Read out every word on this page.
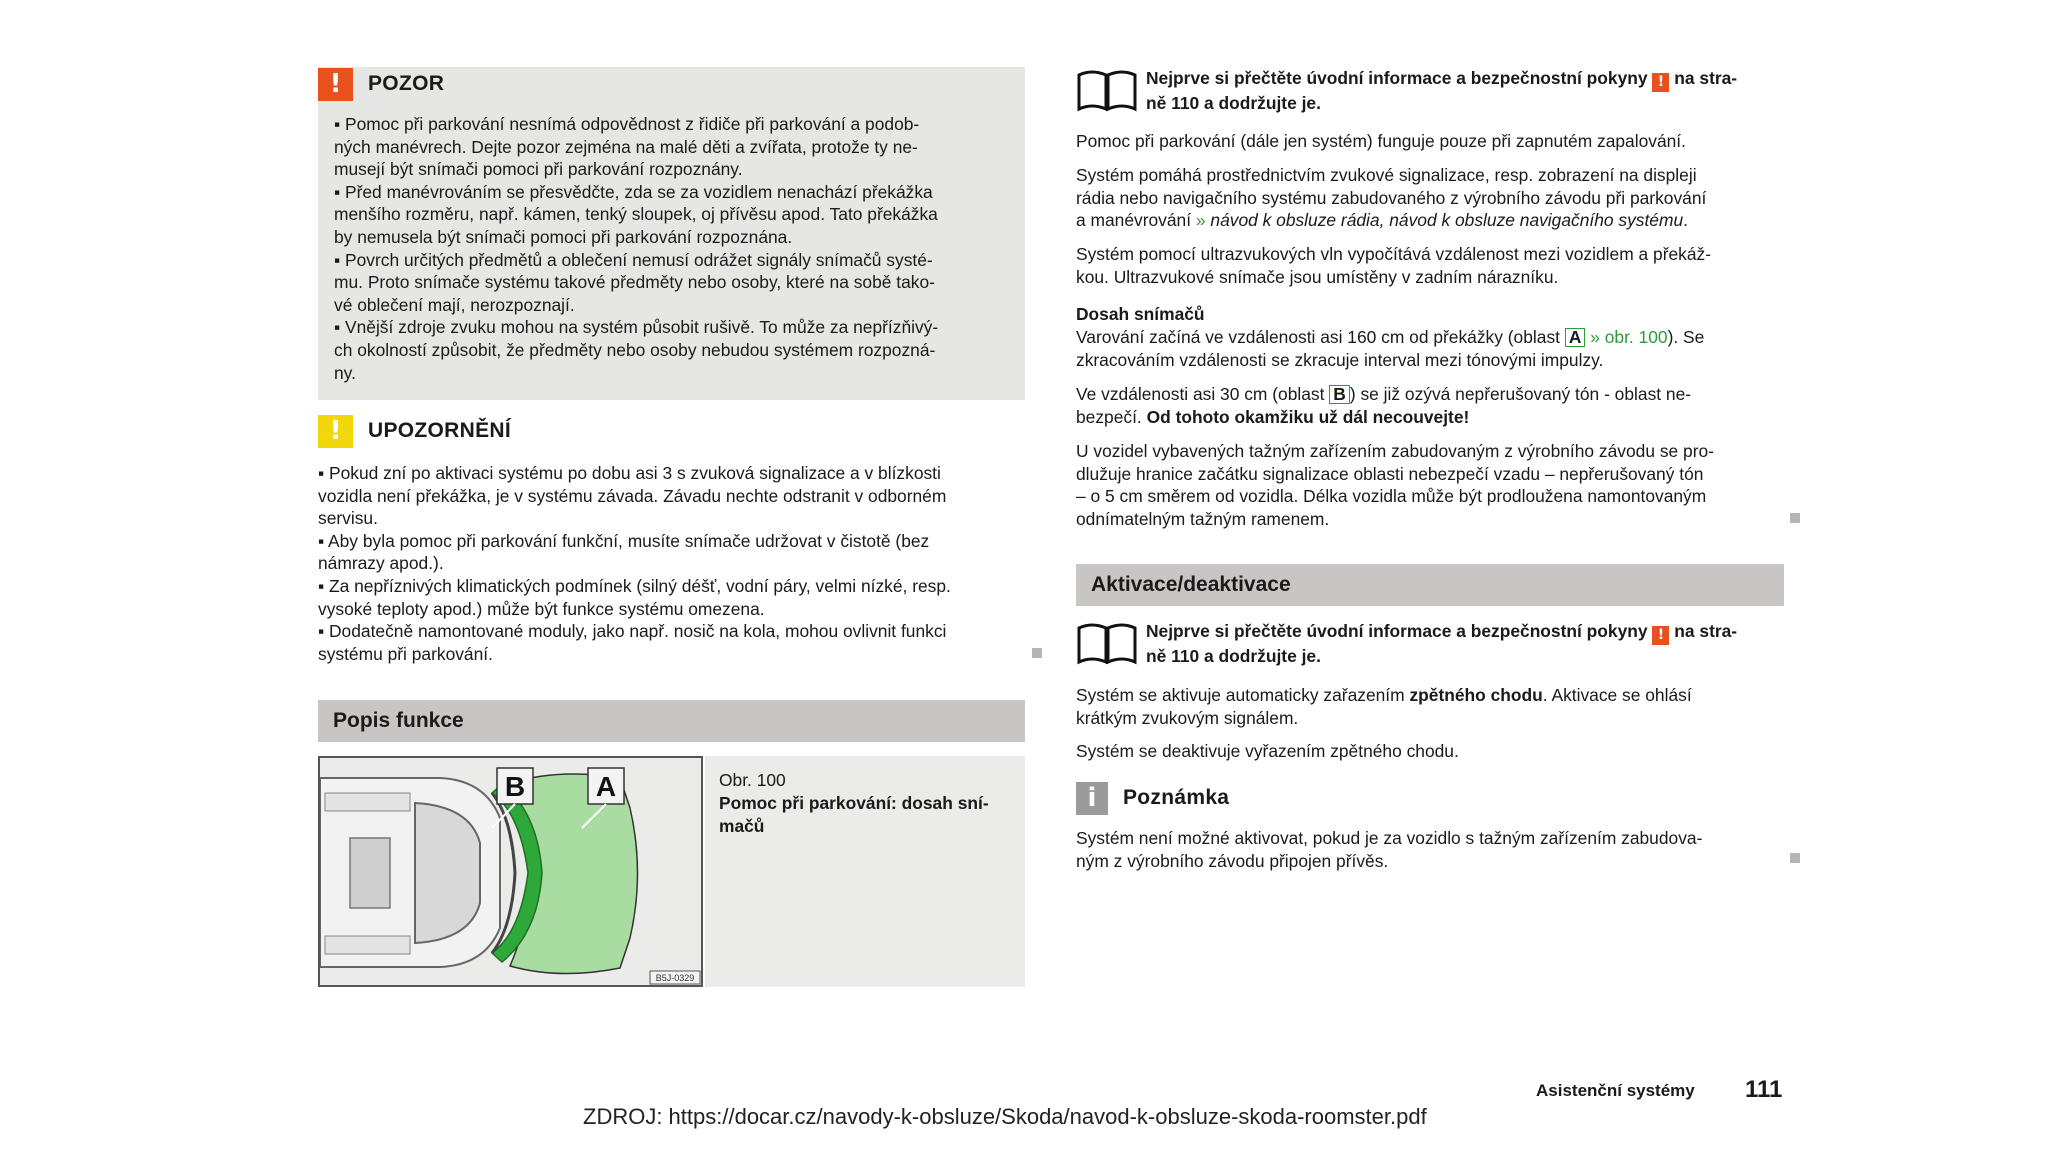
!	POZOR
▪ Pomoc při parkování nesnímá odpovědnost z řidiče při parkování a podob-
ných manévrech. Dejte pozor zejména na malé děti a zvířata, protože ty ne-
musejí být snímači pomoci při parkování rozpoznány.
▪ Před manévrováním se přesvědčte, zda se za vozidlem nenachází překážka
menšího rozměru, např. kámen, tenký sloupek, oj přívěsu apod. Tato překážka
by nemusela být snímači pomoci při parkování rozpoznána.
▪ Povrch určitých předmětů a oblečení nemusí odrážet signály snímačů systé-
mu. Proto snímače systému takové předměty nebo osoby, které na sobě tako-
vé oblečení mají, nerozpoznají.
▪ Vnější zdroje zvuku mohou na systém působit rušivě. To může za nepřízňivý-
ch okolností způsobit, že předměty nebo osoby nebudou systémem rozpozná-
ny.
!	UPOZORNĚNÍ
▪ Pokud zní po aktivaci systému po dobu asi 3 s zvuková signalizace a v blízkosti
vozidla není překážka, je v systému závada. Závadu nechte odstranit v odborném
servisu.
▪ Aby byla pomoc při parkování funkční, musíte snímače udržovat v čistotě (bez
námrazy apod.).
▪ Za nepříznivých klimatických podmínek (silný déšť, vodní páry, velmi nízké, resp.
vysoké teploty apod.) může být funkce systému omezena.
▪ Dodatečně namontované moduly, jako např. nosič na kola, mohou ovlivnit funkci
systému při parkování.
Popis funkce
B	A
B5J-0329
Obr. 100
Pomoc při parkování: dosah sní-
mačů
Nejprve si přečtěte úvodní informace a bezpečnostní pokyny ! na stra-
ně 110 a dodržujte je.
Pomoc při parkování (dále jen systém) funguje pouze při zapnutém zapalování.
Systém pomáhá prostřednictvím zvukové signalizace, resp. zobrazení na displeji
rádia nebo navigačního systému zabudovaného z výrobního závodu při parkování
a manévrování » návod k obsluze rádia, návod k obsluze navigačního systému.
Systém pomocí ultrazvukových vln vypočítává vzdálenost mezi vozidlem a překáž-
kou. Ultrazvukové snímače jsou umístěny v zadním nárazníku.
Dosah snímačů
Varování začíná ve vzdálenosti asi 160 cm od překážky (oblast A » obr. 100). Se
zkracováním vzdálenosti se zkracuje interval mezi tónovými impulzy.
Ve vzdálenosti asi 30 cm (oblast B ) se již ozývá nepřerušovaný tón - oblast ne-
bezpečí. Od tohoto okamžiku už dál necouvejte!
U vozidel vybavených tažným zařízením zabudovaným z výrobního závodu se pro-
dlužuje hranice začátku signalizace oblasti nebezpečí vzadu – nepřerušovaný tón
– o 5 cm směrem od vozidla. Délka vozidla může být prodloužena namontovaným
odnímatelným tažným ramenem.
Aktivace/deaktivace
Nejprve si přečtěte úvodní informace a bezpečnostní pokyny ! na stra-
ně 110 a dodržujte je.
Systém se aktivuje automaticky zařazením zpětného chodu. Aktivace se ohlásí
krátkým zvukovým signálem.
Systém se deaktivuje vyřazením zpětného chodu.
i	Poznámka
Systém není možné aktivovat, pokud je za vozidlo s tažným zařízením zabudova-
ným z výrobního závodu připojen přívěs.
Asistenční systémy 111
ZDROJ: https://docar.cz/navody-k-obsluze/Skoda/navod-k-obsluze-skoda-roomster.pdf
